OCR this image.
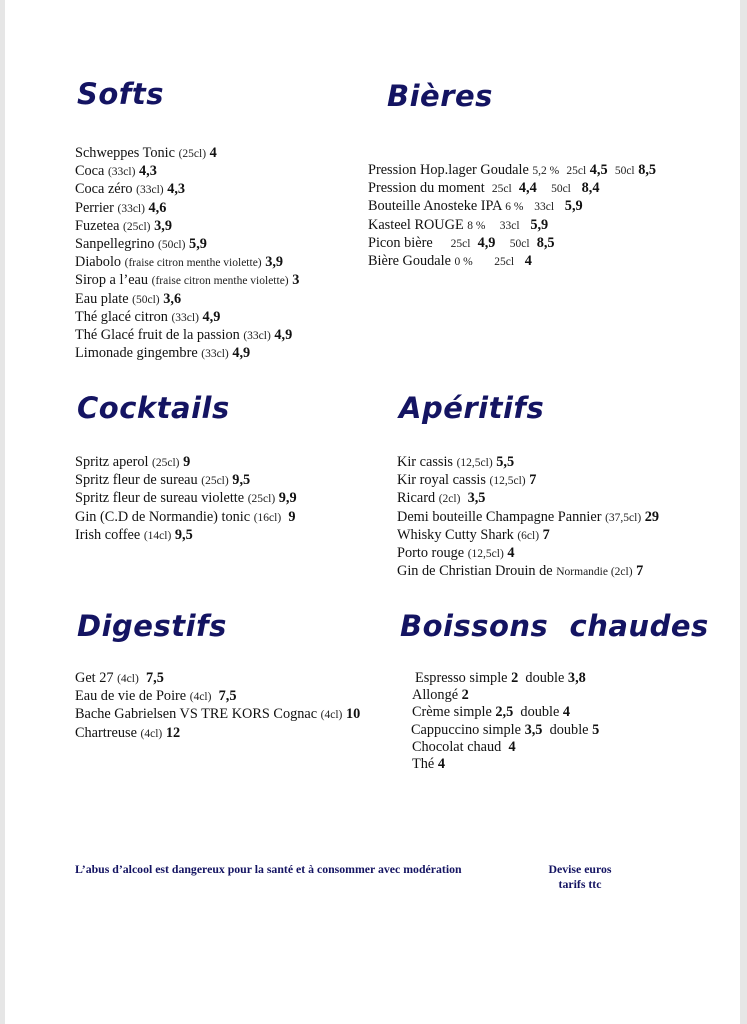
Softs
Schweppes Tonic (25cl) 4
Coca (33cl) 4,3
Coca zéro (33cl) 4,3
Perrier (33cl) 4,6
Fuzetea (25cl) 3,9
Sanpellegrino (50cl) 5,9
Diabolo (fraise citron menthe violette) 3,9
Sirop a l’eau (fraise citron menthe violette) 3
Eau plate (50cl) 3,6
Thé glacé citron (33cl) 4,9
Thé Glacé fruit de la passion (33cl) 4,9
Limonade gingembre (33cl) 4,9
Bières
Pression Hop.lager Goudale 5,2 % 25cl 4,5 50cl 8,5
Pression du moment 25cl 4,4 50cl 8,4
Bouteille Anosteke IPA 6 % 33cl 5,9
Kasteel ROUGE 8 % 33cl 5,9
Picon bière 25cl 4,9 50cl 8,5
Bière Goudale 0 % 25cl 4
Cocktails
Spritz aperol (25cl) 9
Spritz fleur de sureau (25cl) 9,5
Spritz fleur de sureau violette (25cl) 9,9
Gin (C.D de Normandie) tonic (16cl) 9
Irish coffee (14cl) 9,5
Apéritifs
Kir cassis (12,5cl) 5,5
Kir royal cassis (12,5cl) 7
Ricard (2cl) 3,5
Demi bouteille Champagne Pannier (37,5cl) 29
Whisky Cutty Shark (6cl) 7
Porto rouge (12,5cl) 4
Gin de Christian Drouin de Normandie (2cl) 7
Digestifs
Get 27 (4cl) 7,5
Eau de vie de Poire (4cl) 7,5
Bache Gabrielsen VS TRE KORS Cognac (4cl) 10
Chartreuse (4cl) 12
Boissons  chaudes
Espresso simple 2 double 3,8
Allongé 2
Crème simple 2,5 double 4
Cappuccino simple 3,5 double 5
Chocolat chaud 4
Thé 4
L’abus d’alcool est dangereux pour la santé et à consommer avec modération	Devise euros
tarifs ttc
